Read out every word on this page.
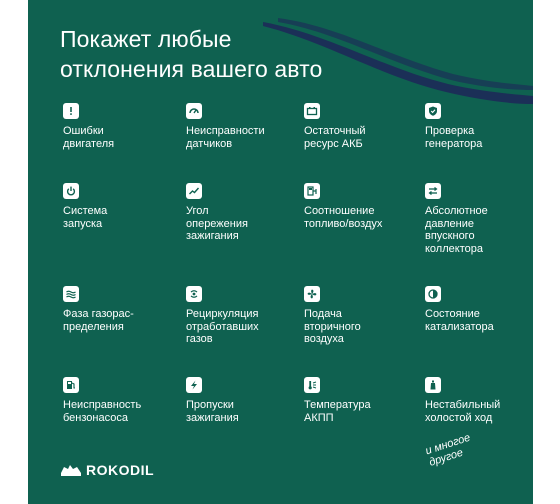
Покажет любые
отклонения вашего авто
Ошибки
двигателя
Неисправности
датчиков
Остаточный
ресурс АКБ
Проверка
генератора
Система
запуска
Угол
опережения
зажигания
Соотношение
топливо/воздух
Абсолютное
давление
впускного
коллектора
Фаза газорас-
пределения
Рециркуляция
отработавших
газов
Подача
вторичного
воздуха
Состояние
катализатора
Неисправность
бензонасоса
Пропуски
зажигания
Температура
АКПП
Нестабильный
холостой ход
ROKODIL
и многое
другое
